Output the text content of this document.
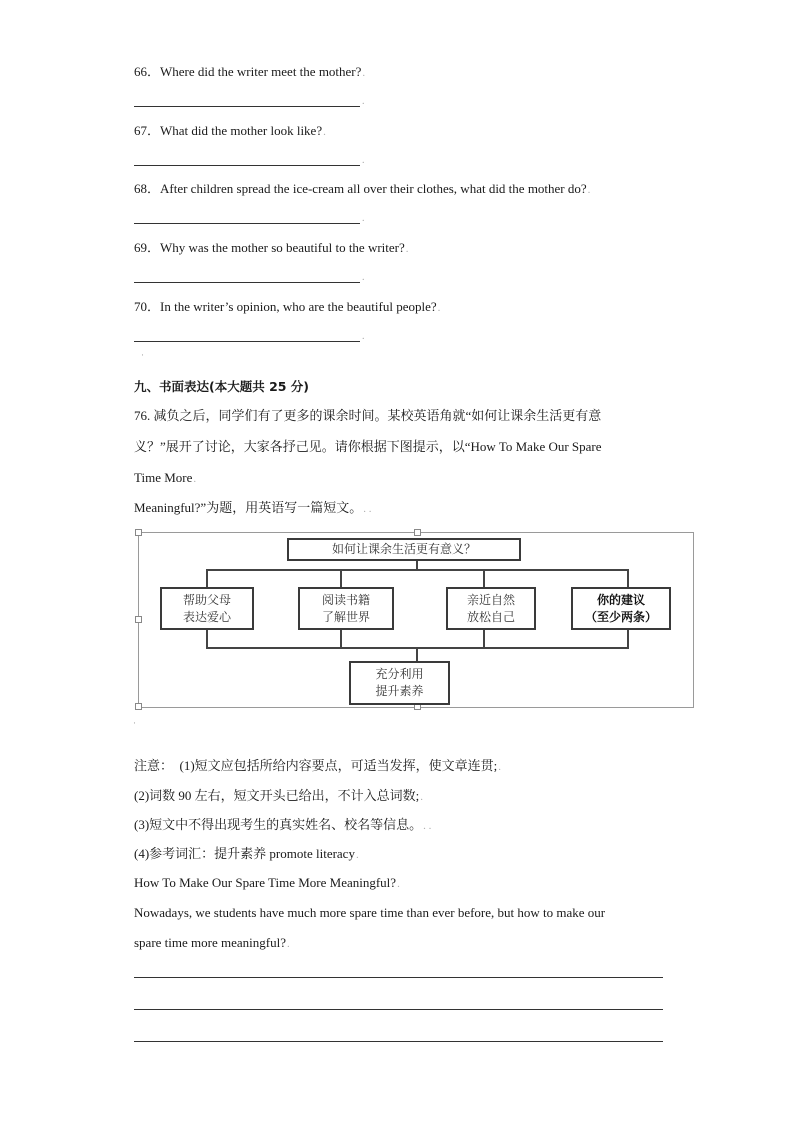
66．Where did the writer meet the mother?.
.
67．What did the mother look like?.
.
68．After children spread the ice-cream all over their clothes, what did the mother do?.
.
69．Why was the mother so beautiful to the writer?.
.
70．In the writer’s opinion, who are the beautiful people?.
.
·
九、书面表达(本大题共 25 分)
76. 减负之后，同学们有了更多的课余时间。某校英语角就“如何让课余生活更有意
义？”展开了讨论，大家各抒己见。请你根据下图提示，以“How To Make Our Spare
Time More.
Meaningful?”为题，用英语写一篇短文。. .
如何让课余生活更有意义？
帮助父母
表达爱心
阅读书籍
了解世界
亲近自然
放松自己
你的建议
（至少两条）
充分利用
提升素养
·
注意： (1)短文应包括所给内容要点，可适当发挥，使文章连贯;.
(2)词数 90 左右，短文开头已给出，不计入总词数;.
(3)短文中不得出现考生的真实姓名、校名等信息。. .
(4)参考词汇：提升素养 promote literacy.
How To Make Our Spare Time More Meaningful?.
Nowadays, we students have much more spare time than ever before, but how to make our
spare time more meaningful?.
